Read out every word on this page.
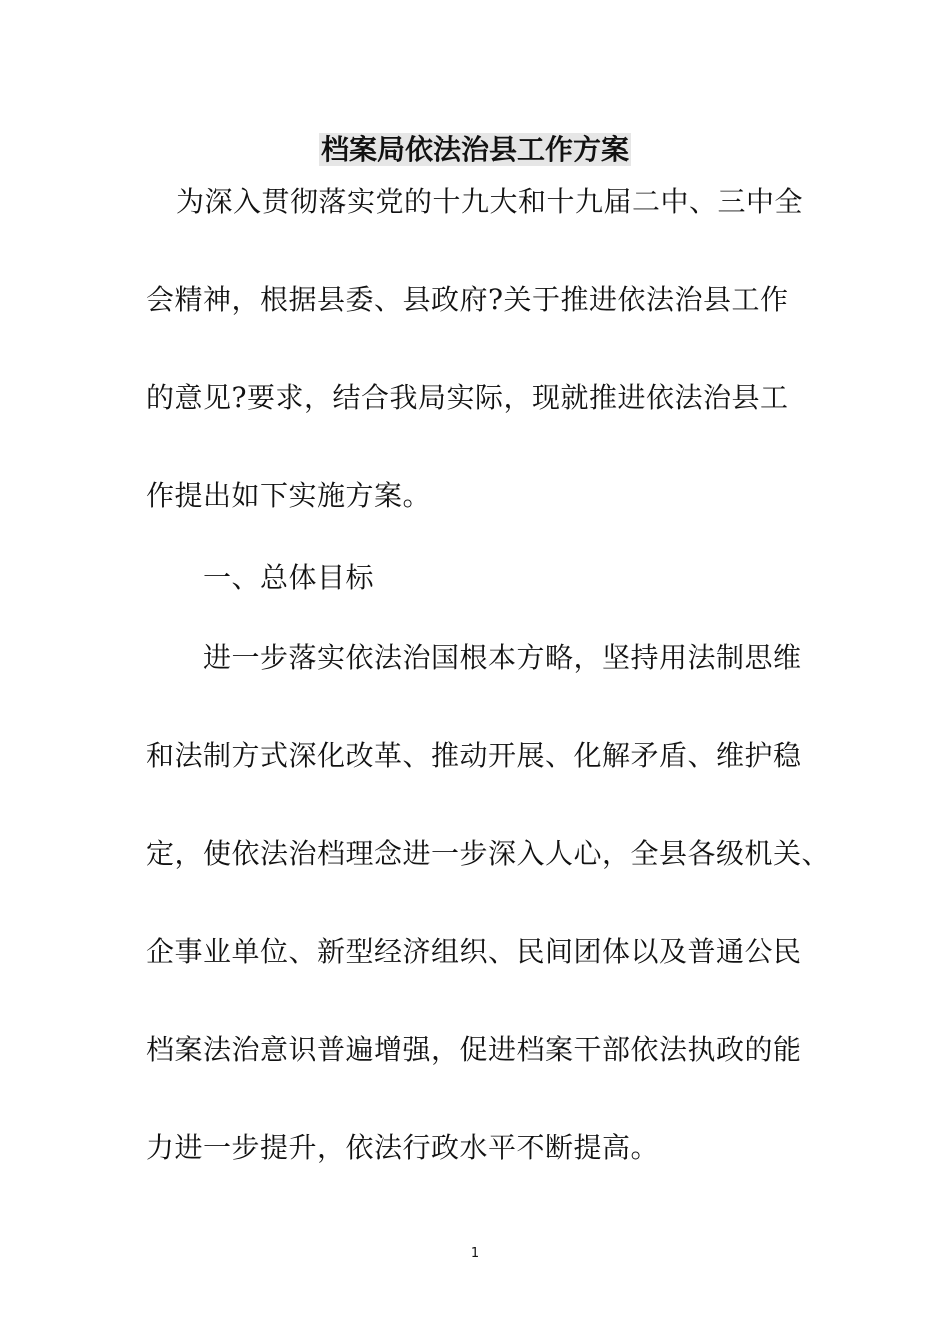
档案局依法治县工作方案
为深入贯彻落实党的十九大和十九届二中、三中全
会精神，根据县委、县政府?关于推进依法治县工作
的意见?要求，结合我局实际，现就推进依法治县工
作提出如下实施方案。
一、总体目标
进一步落实依法治国根本方略，坚持用法制思维
和法制方式深化改革、推动开展、化解矛盾、维护稳
定，使依法治档理念进一步深入人心，全县各级机关、
企事业单位、新型经济组织、民间团体以及普通公民
档案法治意识普遍增强，促进档案干部依法执政的能
力进一步提升，依法行政水平不断提高。
1
